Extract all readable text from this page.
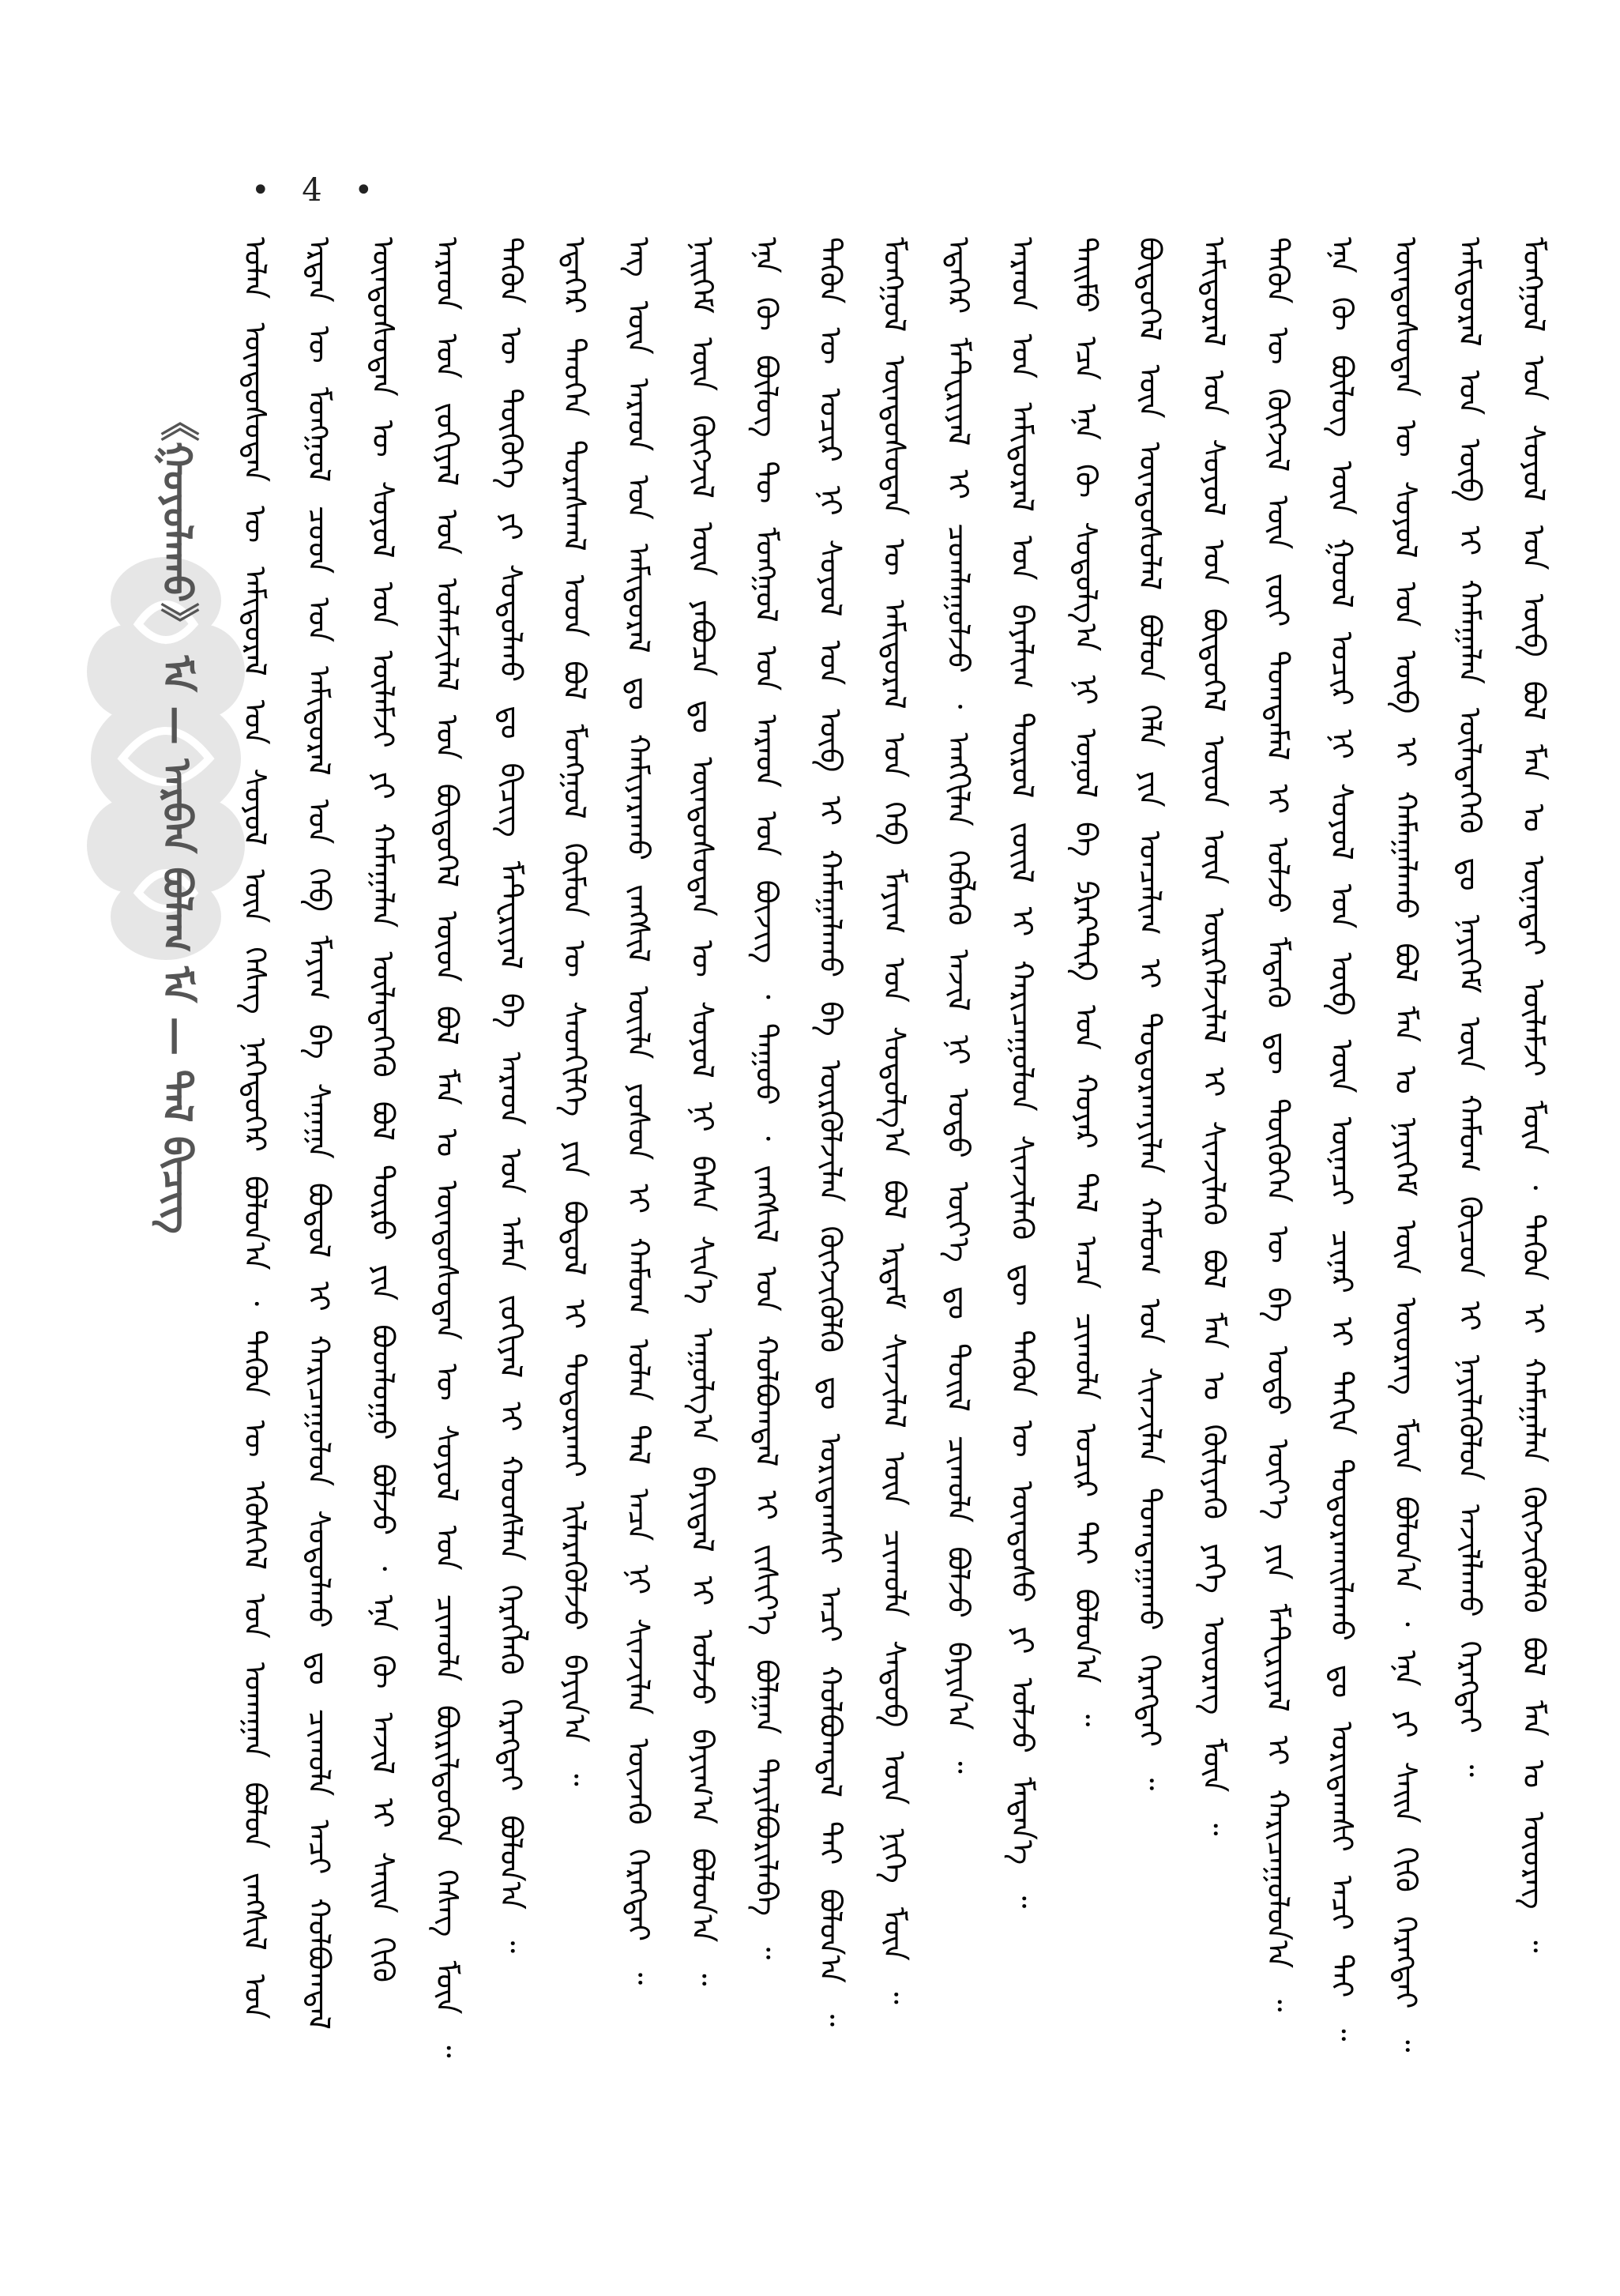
• 4 •
《ᠭᠤᠶᠤᠯᠠᠬᠤ》 ᠮᠡ — ᠠᠷᠪᠠᠨ ᠪᠤᠯᠠᠭ ᠮᠡ — ᠲᠠᠯ ᠪᠢᠴᠢᠭ
ᠣᠯᠠᠨ ᠦᠨᠳᠦᠰᠦᠲᠡᠨ ᠦ ᠠᠮᠢᠳᠤᠷᠠᠯ ᠤᠨ ᠰᠤᠶᠤᠯ ᠦᠨ ᠬᠡᠰᠡᠭ ᠨᠡᠭᠡᠳᠦᠭᠡᠷ ᠪᠣᠯᠤᠨ᠎ᠠ ᠂ ᠲᠡᠭᠦᠨ ᠦ ᠡᠭᠦᠰᠭᠡᠯ ᠤᠨ ᠤᠬᠠᠭᠠᠨ ᠪᠣᠯᠤᠨ ᠵᠠᠩᠰᠢᠯ ᠤᠨ
ᠡᠷᠲᠡᠨ ᠦ ᠮᠣᠩᠭᠣᠯ ᠴᠤᠳ ᠤᠨ ᠠᠮᠢᠳᠤᠷᠠᠯ ᠤᠨ ᠬᠡᠪ ᠮᠠᠶᠢᠭ ᠪᠠ ᠰᠠᠨᠠᠭᠠ ᠪᠣᠳᠤᠯ ᠢ ᠬᠠᠷᠢᠴᠠᠭᠤᠯᠤᠨ ᠰᠤᠳᠤᠯᠬᠤ ᠳᠤ ᠴᠢᠬᠤᠯᠠ ᠠᠴᠢ ᠬᠣᠯᠪᠣᠭᠳᠠᠯ
ᠦᠨᠳᠦᠰᠦᠲᠡᠨ ᠦ ᠰᠤᠶᠤᠯ ᠤᠨ ᠦᠯᠡᠮᠵᠢ ᠶᠢ ᠬᠠᠮᠠᠭᠠᠯᠠᠨ ᠦᠯᠡᠳᠡᠭᠡᠬᠦ ᠪᠣᠯ ᠲᠦᠷᠦ ᠶᠢᠨ ᠪᠣᠳᠯᠣᠭᠣ ᠪᠣᠯᠵᠤ ᠂ ᠡᠨᠡ ᠬᠦ ᠠᠵᠢᠯ ᠢ ᠰᠠᠢᠨ ᠬᠢᠬᠦ ᠠᠷᠠᠳ ᠤᠨ ᠵᠣᠬᠢᠶᠠᠯ ᠤᠨ ᠤᠯᠠᠮᠵᠢᠯᠠᠯ ᠤᠨ ᠪᠦᠲᠦᠭᠡᠯ ᠦᠳ ᠪᠣᠯ ᠮᠠᠨ ᠤ ᠦᠨᠳᠦᠰᠦᠲᠡᠨ ᠦ ᠰᠣᠶᠣᠯ ᠤᠨ ᠴᠢᠬᠤᠯᠠ ᠪᠦᠷᠢᠯᠳᠦᠬᠦᠨ ᠬᠡᠰᠡᠭ ᠮᠦᠨ ᠃ ᠲᠡᠭᠦᠨ ᠦ ᠲᠦᠭᠦᠬᠡ ᠶᠢ ᠰᠤᠳᠤᠯᠬᠤ ᠳᠤ ᠪᠢᠴᠢᠭ ᠮᠠᠲ᠋ᠧᠷᠢᠶᠠᠯ ᠪᠠ ᠠᠷᠠᠳ ᠤᠨ ᠠᠮᠠᠨ ᠵᠣᠬᠢᠶᠠᠯ ᠢ ᠬᠣᠣᠰᠯᠠᠨ ᠬᠡᠷᠡᠭᠯᠡᠬᠦ ᠬᠡᠷᠡᠭᠲᠡᠢ ᠪᠣᠯᠤᠨ᠎ᠠ ᠃ ᠡᠳᠡᠭᠡᠷ ᠲᠡᠤᠬᠡᠨ ᠳᠤᠷᠠᠰᠬᠠᠯ ᠤᠳ ᠪᠣᠯ ᠮᠣᠩᠭᠣᠯ ᠬᠦᠮᠦᠨ ᠦ ᠰᠡᠳᠬᠢᠯᠭᠡ ᠶᠢᠨ ᠪᠣᠳᠣᠯ ᠢ ᠲᠣᠳᠣᠷᠬᠠᠢ ᠢᠯᠡᠷᠡᠭᠦᠯᠵᠦ ᠪᠠᠶᠢᠨ᠎ᠠ ᠃ ᠡᠩ ᠦᠨ ᠠᠷᠠᠳ ᠤᠨ ᠠᠮᠢᠳᠤᠷᠠᠯ ᠳᠤ ᠬᠠᠮᠢᠶᠠᠷᠠᠬᠤ ᠵᠠᠩᠰᠢᠯ ᠦᠢᠯᠡ ᠶᠤᠰᠤᠨ ᠢ ᠬᠠᠮᠤᠭ ᠣᠯᠠᠨ ᠲᠠᠯ ᠠᠴᠠ ᠨᠢ ᠰᠢᠨᠵᠢᠯᠡᠨ ᠦᠵᠡᠬᠦ ᠬᠡᠷᠡᠭᠲᠡᠢ ᠃ ᠨᠡᠢᠭᠡᠮ ᠦᠨ ᠬᠥᠭᠵᠢᠯ ᠦᠨ ᠶᠠᠪᠤᠴᠠ ᠳᠤ ᠦᠨᠳᠦᠰᠦᠲᠡᠨ ᠦ ᠰᠣᠶᠣᠯ ᠨᠢ ᠪᠠᠰᠠ ᠰᠢᠨ᠎ᠡ ᠠᠭᠤᠯᠭ᠎ᠠ ᠪᠠᠶᠢᠳᠠᠯ ᠢ ᠣᠯᠵᠤ ᠪᠠᠶᠢᠭ᠎ᠠ ᠪᠣᠯᠤᠨ᠎ᠠ ᠃ ᠡᠨᠡ ᠬᠦ ᠪᠦᠯᠦᠭ ᠲᠦ ᠮᠣᠩᠭᠣᠯ ᠤᠨ ᠠᠷᠠᠳ ᠤᠨ ᠪᠦᠵᠢᠭ ᠂ ᠳᠠᠭᠤᠤ ᠂ ᠵᠠᠩᠰᠢᠯ ᠤᠨ ᠬᠣᠯᠪᠣᠭᠳᠠᠯ ᠢ ᠵᠢᠱᠢᠶ᠎ᠡ ᠪᠣᠯᠭᠠᠨ ᠲᠠᠶᠢᠯᠪᠤᠷᠢᠯᠠᠪᠠ ᠃ ᠲᠡᠭᠦᠨ ᠦ ᠤᠴᠢᠷ ᠨᠢ ᠰᠣᠶᠣᠯ ᠤᠨ ᠥᠪ ᠢ ᠬᠠᠮᠠᠭᠠᠯᠠᠬᠤ ᠪᠠ ᠦᠷᠬᠦᠯᠵᠢᠯᠡᠨ ᠬᠥᠭᠵᠢᠭᠦᠯᠬᠦ ᠳᠤ ᠤᠷᠢᠳᠠᠭᠰᠢ ᠠᠴᠢ ᠬᠣᠯᠪᠣᠭᠳᠠᠯ ᠲᠠᠶ ᠪᠣᠯᠤᠨ᠎ᠠ ᠃ ᠮᠣᠩᠭᠣᠯ ᠦᠨᠳᠦᠰᠦᠲᠡᠨ ᠦ ᠠᠮᠢᠳᠤᠷᠠᠯ ᠤᠨ ᠬᠡᠪ ᠮᠠᠶᠢᠭ ᠤᠨ ᠰᠤᠳᠤᠯᠭ᠎ᠠ ᠪᠣᠯ ᠡᠷᠳᠡᠮ ᠰᠢᠨᠵᠢᠯᠡᠯ ᠦᠨ ᠴᠢᠬᠤᠯᠠ ᠰᠡᠳᠦᠪ ᠦᠨ ᠨᠢᠭᠡ ᠮᠦᠨ ᠃ ᠡᠳᠡᠭᠡᠷ ᠮᠠᠲ᠋ᠧᠷᠢᠶᠠᠯ ᠢ ᠴᠤᠭᠯᠠᠭᠤᠯᠵᠤ ᠂ ᠠᠩᠭᠢᠯᠠᠨ ᠬᠡᠪᠯᠡᠬᠦ ᠠᠵᠢᠯ ᠨᠢ ᠣᠳᠣ ᠦᠶ᠎ᠡ ᠳᠤ ᠲᠤᠢᠯ ᠴᠢᠬᠤᠯᠠ ᠪᠣᠯᠵᠤ ᠪᠠᠶᠢᠨ᠎ᠠ ᠃ ᠠᠷᠠᠳ ᠤᠨ ᠠᠮᠢᠳᠤᠷᠠᠯ ᠤᠨ ᠪᠠᠶᠠᠯᠢᠭ ᠲᠦᠷᠦᠯ ᠵᠦᠢᠯ ᠢ ᠬᠠᠷᠢᠴᠠᠭᠤᠯᠤᠨ ᠰᠢᠨᠵᠢᠯᠡᠬᠦ ᠳᠦ ᠲᠡᠭᠦᠨ ᠦ ᠦᠨᠳᠦᠰᠦ ᠶᠢ ᠣᠯᠵᠤ ᠮᠡᠳᠡᠨ᠎ᠡ ᠃ ᠲᠡᠢᠮᠦ ᠡᠴᠡ ᠡᠨᠡ ᠬᠦ ᠰᠤᠳᠤᠯᠭ᠎ᠠ ᠨᠢ ᠣᠨᠣᠯ ᠪᠠ ᠫᠷᠠᠺᠲ᠋ᠢᠺ ᠤᠨ ᠬᠣᠶᠠᠷ ᠲᠠᠯ ᠠᠴᠠ ᠴᠢᠬᠤᠯᠠ ᠤᠴᠢᠷ ᠲᠠᠶ ᠪᠣᠯᠤᠨ᠎ᠠ ᠃ ᠪᠦᠲᠦᠭᠡᠯ ᠦᠨ ᠦᠨᠳᠦᠰᠦᠯᠡᠯ ᠪᠣᠯᠤᠨ ᠬᠡᠯᠡ ᠶᠢᠨ ᠣᠨᠴᠠᠯᠢᠭ ᠢ ᠲᠣᠳᠣᠷᠬᠠᠶᠢᠯᠠᠨ ᠬᠠᠮᠤᠭ ᠤᠨ ᠰᠢᠨᠵᠢᠯᠡᠨ ᠲᠣᠭᠲᠠᠭᠠᠬᠤ ᠬᠡᠷᠡᠭᠲᠡᠢ ᠃ ᠠᠮᠢᠳᠤᠷᠠᠯ ᠤᠨ ᠰᠤᠶᠤᠯ ᠤᠨ ᠪᠦᠲᠦᠭᠡᠯ ᠦᠳ ᠦᠨ ᠦᠷᠭᠡᠯᠵᠢᠯᠡᠯ ᠢ ᠰᠢᠨᠵᠢᠯᠡᠬᠦ ᠪᠣᠯ ᠮᠠᠨ ᠤ ᠬᠦᠯᠢᠶᠡᠬᠦ ᠶᠡᠬᠡ ᠦᠦᠷᠡᠭ ᠮᠦᠨ ᠃ ᠲᠡᠭᠦᠨ ᠦ ᠬᠥᠭᠵᠢᠯ ᠦᠨ ᠵᠦᠢ ᠲᠤᠭᠲᠠᠮᠠᠯ ᠢ ᠣᠯᠵᠤ ᠮᠡᠳᠡᠬᠦ ᠳᠦ ᠲᠦᠭᠦᠬᠡᠨ ᠦ ᠪᠠ ᠣᠳᠣ ᠦᠶ᠎ᠡ ᠶᠢᠨ ᠮᠠᠲ᠋ᠧᠷᠢᠶᠠᠯ ᠢ ᠬᠠᠷᠢᠴᠠᠭᠤᠯᠤᠨ᠎ᠠ ᠃ ᠡᠨᠡ ᠬᠦ ᠪᠦᠯᠦᠭ ᠦᠨ ᠭᠣᠣᠯ ᠤᠴᠢᠷ ᠨᠢ ᠰᠣᠶᠣᠯ ᠤᠨ ᠥᠪ ᠦᠨ ᠦᠨᠡᠴᠢ ᠴᠢᠨᠠᠷ ᠢ ᠳᠠᠬᠢᠨ ᠲᠣᠳᠣᠷᠬᠠᠢᠯᠠᠬᠤ ᠳᠤ ᠤᠷᠢᠳᠠᠭᠰᠢ ᠠᠴᠢ ᠲᠠᠶ ᠃ ᠦᠨᠳᠦᠰᠦᠲᠡᠨ ᠦ ᠰᠤᠶᠤᠯ ᠤᠨ ᠥᠪ ᠢ ᠬᠠᠮᠠᠭᠠᠯᠠᠬᠤ ᠪᠣᠯ ᠮᠠᠨ ᠤ ᠨᠡᠶᠢᠭᠡᠮ ᠦᠨ ᠦᠦᠷᠡᠭ ᠮᠦᠨ ᠪᠣᠯᠤᠨ᠎ᠠ ᠂ ᠡᠨᠡ ᠶᠢ ᠰᠠᠢᠨ ᠬᠢᠬᠦ ᠬᠡᠷᠡᠭᠲᠡᠢ ᠃ ᠠᠮᠢᠳᠤᠷᠠᠯ ᠤᠨ ᠥᠪ ᠢ ᠬᠠᠮᠠᠭᠠᠯᠠᠨ ᠦᠯᠡᠳᠡᠭᠡᠬᠦ ᠳᠤ ᠨᠡᠶᠢᠭᠡᠮ ᠦᠨ ᠬᠠᠮᠤᠭ ᠬᠦᠴᠦᠨ ᠢ ᠨᠡᠶᠢᠯᠡᠭᠦᠯᠦᠨ ᠠᠵᠢᠯᠯᠠᠬᠤ ᠬᠡᠷᠡᠭᠲᠡᠢ ᠃ ᠮᠣᠩᠭᠣᠯ ᠤᠨ ᠰᠣᠶᠣᠯ ᠤᠨ ᠦᠪ ᠪᠣᠯ ᠮᠠᠨ ᠤ ᠦᠨᠡᠲᠡᠢ ᠦᠯᠡᠮᠵᠢ ᠮᠦᠨ ᠂ ᠲᠡᠭᠦᠨ ᠢ ᠬᠠᠮᠠᠭᠠᠯᠠᠨ ᠬᠥᠭᠵᠢᠭᠦᠯᠬᠦ ᠪᠣᠯ ᠮᠠᠨ ᠤ ᠦᠦᠷᠡᠭ ᠃
